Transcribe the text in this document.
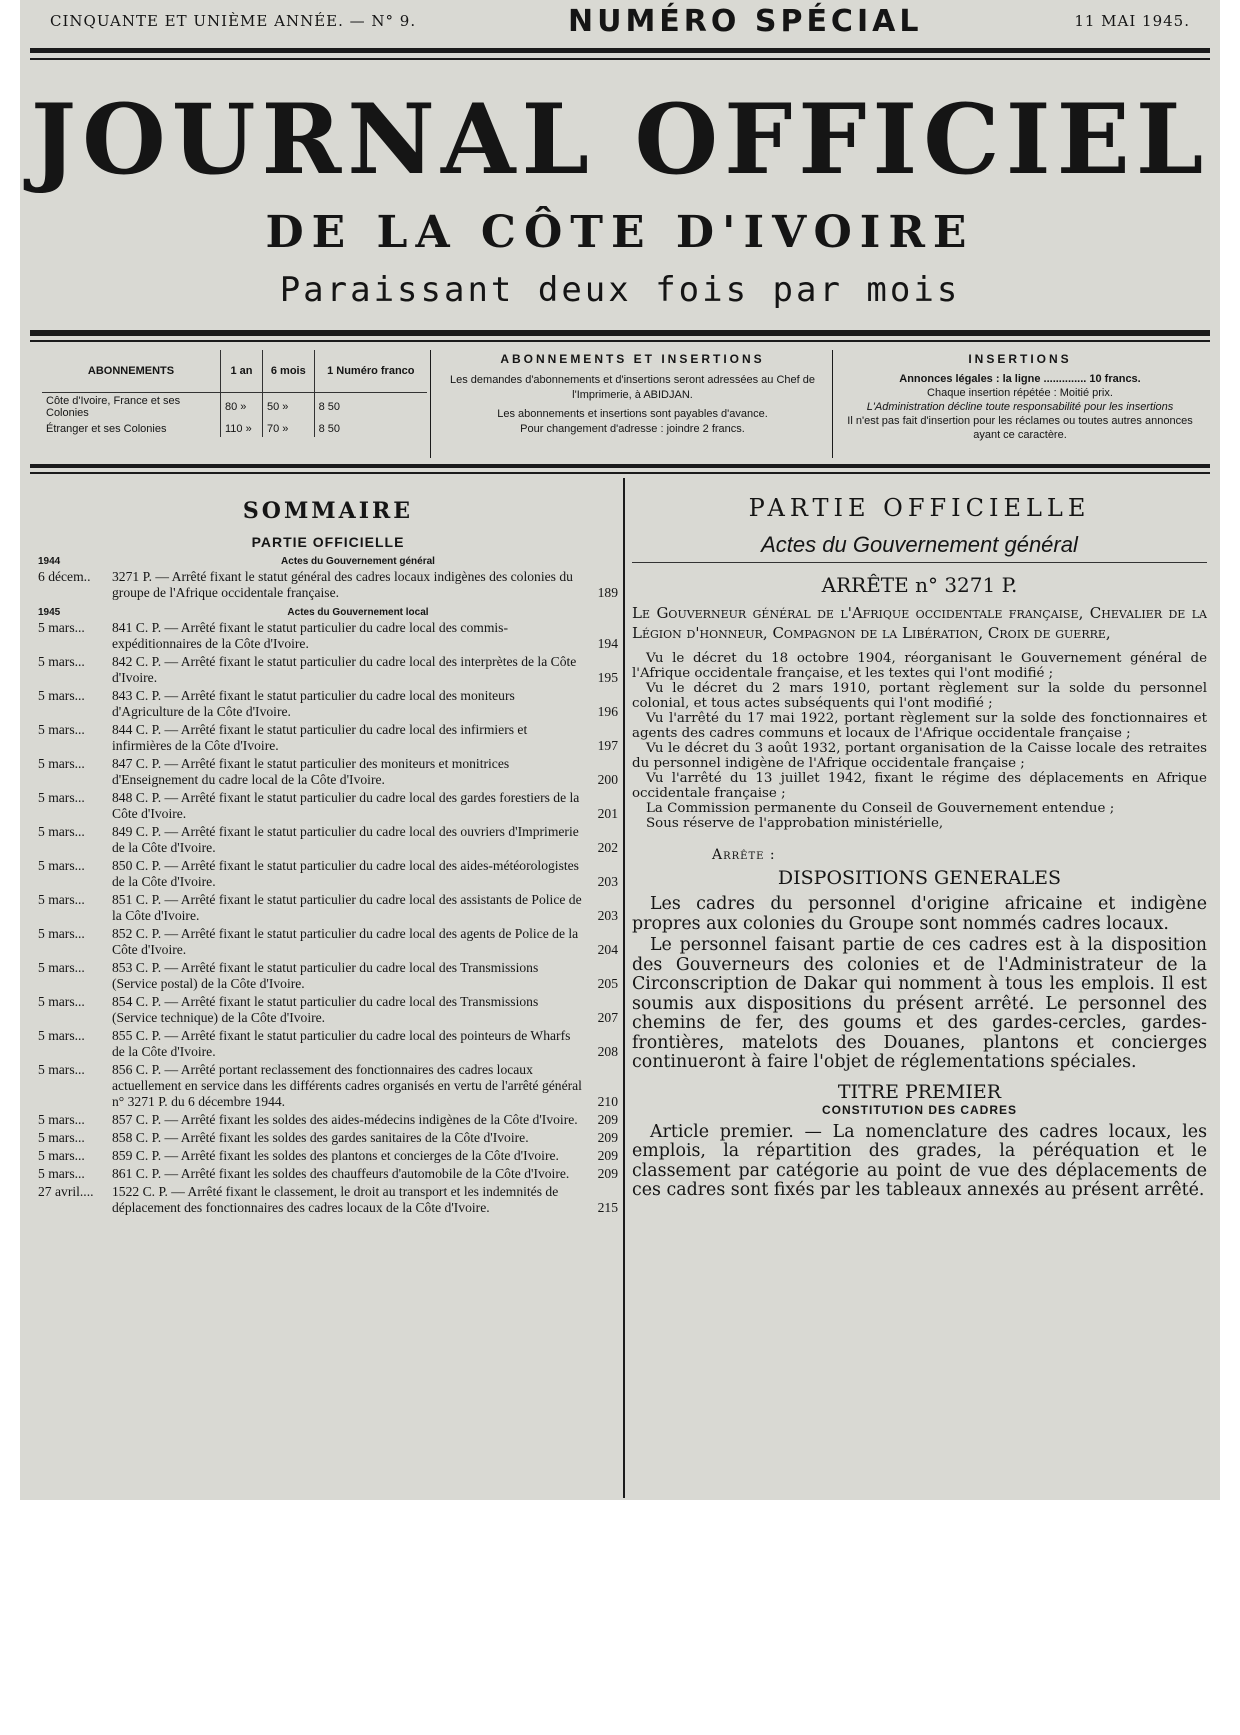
CINQUANTE ET UNIÈME ANNÉE. — N° 9.	NUMÉRO SPÉCIAL	11 MAI 1945.
JOURNAL OFFICIEL
DE LA CÔTE D'IVOIRE
Paraissant deux fois par mois
ABONNEMENTS	1 an	6 mois	1 Numéro franco
Côte d'Ivoire, France et ses Colonies	80 »	50 »	8 50
Étranger et ses Colonies	110 »	70 »	8 50
ABONNEMENTS ET INSERTIONS
Les demandes d'abonnements et d'insertions seront adressées au Chef de l'Imprimerie, à ABIDJAN.
Les abonnements et insertions sont payables d'avance.
Pour changement d'adresse : joindre 2 francs.
INSERTIONS
Annonces légales : la ligne .............. 10 francs.
Chaque insertion répétée : Moitié prix.
L'Administration décline toute responsabilité pour les insertions
Il n'est pas fait d'insertion pour les réclames ou toutes autres annonces ayant ce caractère.
SOMMAIRE
PARTIE OFFICIELLE
1944	Actes du Gouvernement général
6 décem..	3271 P. — Arrêté fixant le statut général des cadres locaux indigènes des colonies du groupe de l'Afrique occidentale française.	189
1945	Actes du Gouvernement local
5 mars...	841 C. P. — Arrêté fixant le statut particulier du cadre local des commis-expéditionnaires de la Côte d'Ivoire.	194
5 mars...	842 C. P. — Arrêté fixant le statut particulier du cadre local des interprètes de la Côte d'Ivoire.	195
5 mars...	843 C. P. — Arrêté fixant le statut particulier du cadre local des moniteurs d'Agriculture de la Côte d'Ivoire.	196
5 mars...	844 C. P. — Arrêté fixant le statut particulier du cadre local des infirmiers et infirmières de la Côte d'Ivoire.	197
5 mars...	847 C. P. — Arrêté fixant le statut particulier des moniteurs et monitrices d'Enseignement du cadre local de la Côte d'Ivoire.	200
5 mars...	848 C. P. — Arrêté fixant le statut particulier du cadre local des gardes forestiers de la Côte d'Ivoire.	201
5 mars...	849 C. P. — Arrêté fixant le statut particulier du cadre local des ouvriers d'Imprimerie de la Côte d'Ivoire.	202
5 mars...	850 C. P. — Arrêté fixant le statut particulier du cadre local des aides-météorologistes de la Côte d'Ivoire.	203
5 mars...	851 C. P. — Arrêté fixant le statut particulier du cadre local des assistants de Police de la Côte d'Ivoire.	203
5 mars...	852 C. P. — Arrêté fixant le statut particulier du cadre local des agents de Police de la Côte d'Ivoire.	204
5 mars...	853 C. P. — Arrêté fixant le statut particulier du cadre local des Transmissions (Service postal) de la Côte d'Ivoire.	205
5 mars...	854 C. P. — Arrêté fixant le statut particulier du cadre local des Transmissions (Service technique) de la Côte d'Ivoire.	207
5 mars...	855 C. P. — Arrêté fixant le statut particulier du cadre local des pointeurs de Wharfs de la Côte d'Ivoire.	208
5 mars...	856 C. P. — Arrêté portant reclassement des fonctionnaires des cadres locaux actuellement en service dans les différents cadres organisés en vertu de l'arrêté général n° 3271 P. du 6 décembre 1944.	210
5 mars...	857 C. P. — Arrêté fixant les soldes des aides-médecins indigènes de la Côte d'Ivoire.	209
5 mars...	858 C. P. — Arrêté fixant les soldes des gardes sanitaires de la Côte d'Ivoire.	209
5 mars...	859 C. P. — Arrêté fixant les soldes des plantons et concierges de la Côte d'Ivoire.	209
5 mars...	861 C. P. — Arrêté fixant les soldes des chauffeurs d'automobile de la Côte d'Ivoire.	209
27 avril....	1522 C. P. — Arrêté fixant le classement, le droit au transport et les indemnités de déplacement des fonctionnaires des cadres locaux de la Côte d'Ivoire.	215
PARTIE OFFICIELLE
Actes du Gouvernement général
ARRÊTE n° 3271 P.
Le Gouverneur général de l'Afrique occidentale française, Chevalier de la Légion d'honneur, Compagnon de la Libération, Croix de guerre,
Vu le décret du 18 octobre 1904, réorganisant le Gouvernement général de l'Afrique occidentale française, et les textes qui l'ont modifié ;
Vu le décret du 2 mars 1910, portant règlement sur la solde du personnel colonial, et tous actes subséquents qui l'ont modifié ;
Vu l'arrêté du 17 mai 1922, portant règlement sur la solde des fonctionnaires et agents des cadres communs et locaux de l'Afrique occidentale française ;
Vu le décret du 3 août 1932, portant organisation de la Caisse locale des retraites du personnel indigène de l'Afrique occidentale française ;
Vu l'arrêté du 13 juillet 1942, fixant le régime des déplacements en Afrique occidentale française ;
La Commission permanente du Conseil de Gouvernement entendue ;
Sous réserve de l'approbation ministérielle,
Arrête :
DISPOSITIONS GENERALES

Les cadres du personnel d'origine africaine et indigène propres aux colonies du Groupe sont nommés cadres locaux.

Le personnel faisant partie de ces cadres est à la disposition des Gouverneurs des colonies et de l'Administrateur de la Circonscription de Dakar qui nomment à tous les emplois. Il est soumis aux dispositions du présent arrêté. Le personnel des chemins de fer, des goums et des gardes-cercles, gardes-frontières, matelots des Douanes, plantons et concierges continueront à faire l'objet de réglementations spéciales.

TITRE PREMIER
CONSTITUTION DES CADRES

Article premier. — La nomenclature des cadres locaux, les emplois, la répartition des grades, la péréquation et le classement par catégorie au point de vue des déplacements de ces cadres sont fixés par les tableaux annexés au présent arrêté.
